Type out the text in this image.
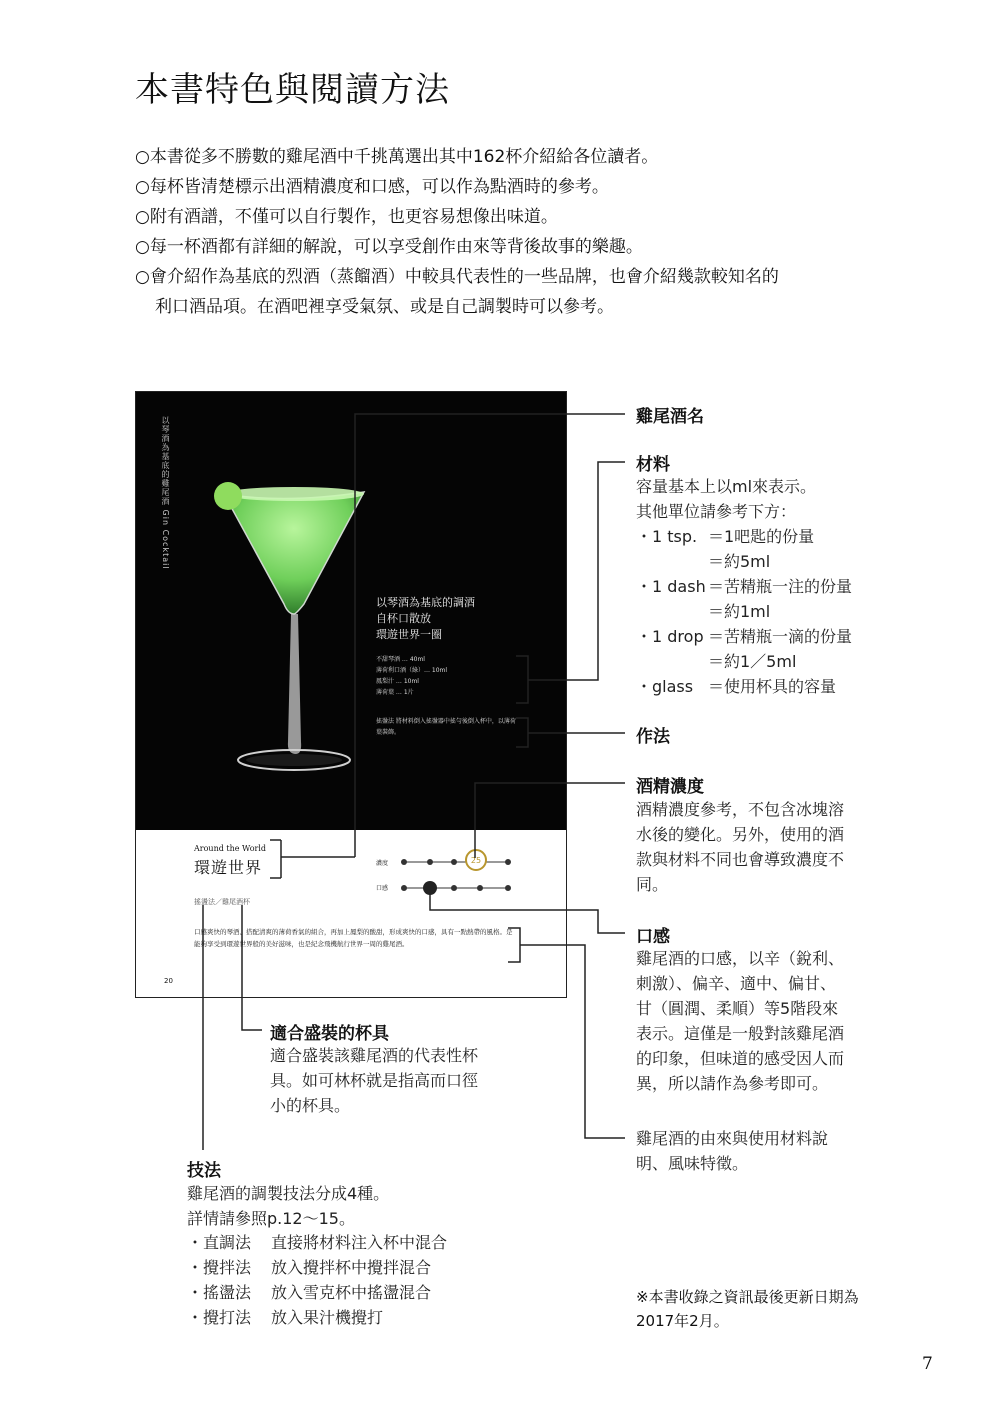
本書特色與閱讀方法

○本書從多不勝數的雞尾酒中千挑萬選出其中162杯介紹給各位讀者。

○每杯皆清楚標示出酒精濃度和口感，可以作為點酒時的參考。

○附有酒譜，不僅可以自行製作，也更容易想像出味道。

○每一杯酒都有詳細的解說，可以享受創作由來等背後故事的樂趣。

○會介紹作為基底的烈酒（蒸餾酒）中較具代表性的一些品牌，也會介紹幾款較知名的

利口酒品項。在酒吧裡享受氣氛、或是自己調製時可以參考。

以琴酒為基底的雞尾酒 Gin Cocktail
以琴酒為基底的調酒
自杯口散放
環遊世界一圈
不甜琴酒 … 40ml
薄荷利口酒（綠）… 10ml
鳳梨汁 … 10ml
薄荷葉 … 1片
搖盪法 將材料倒入搖盪器中搖勻後倒入杯中，以薄荷葉裝飾。
Around the World
環遊世界
搖盪法／雞尾酒杯
口感爽快的琴酒、搭配清爽的薄荷香氣的組合，再加上鳳梨的酸甜，形成爽快的口感，具有一點熱帶的風格。是能夠享受到環遊世界般的美好滋味，也是紀念飛機航行世界一周的雞尾酒。
20
濃度
口感
25
雞尾酒名
材料

容量基本上以ml來表示。

其他單位請參考下方：

・1 tsp. ＝1吧匙的份量

＝約5ml

・1 dash ＝苦精瓶一注的份量

＝約1ml

・1 drop ＝苦精瓶一滴的份量

＝約1／5ml

・glass ＝使用杯具的容量

作法
酒精濃度

酒精濃度參考，不包含冰塊溶

水後的變化。另外，使用的酒

款與材料不同也會導致濃度不

同。

口感

雞尾酒的口感，以辛（銳利、

刺激）、偏辛、適中、偏甘、

甘（圓潤、柔順）等5階段來

表示。這僅是一般對該雞尾酒

的印象，但味道的感受因人而

異，所以請作為參考即可。

雞尾酒的由來與使用材料說

明、風味特徵。

適合盛裝的杯具

適合盛裝該雞尾酒的代表性杯

具。如可林杯就是指高而口徑

小的杯具。

技法

雞尾酒的調製技法分成4種。

詳情請參照p.12～15。

・直調法 直接將材料注入杯中混合

・攪拌法 放入攪拌杯中攪拌混合

・搖盪法 放入雪克杯中搖盪混合

・攪打法 放入果汁機攪打

※本書收錄之資訊最後更新日期為
2017年2月。
7
